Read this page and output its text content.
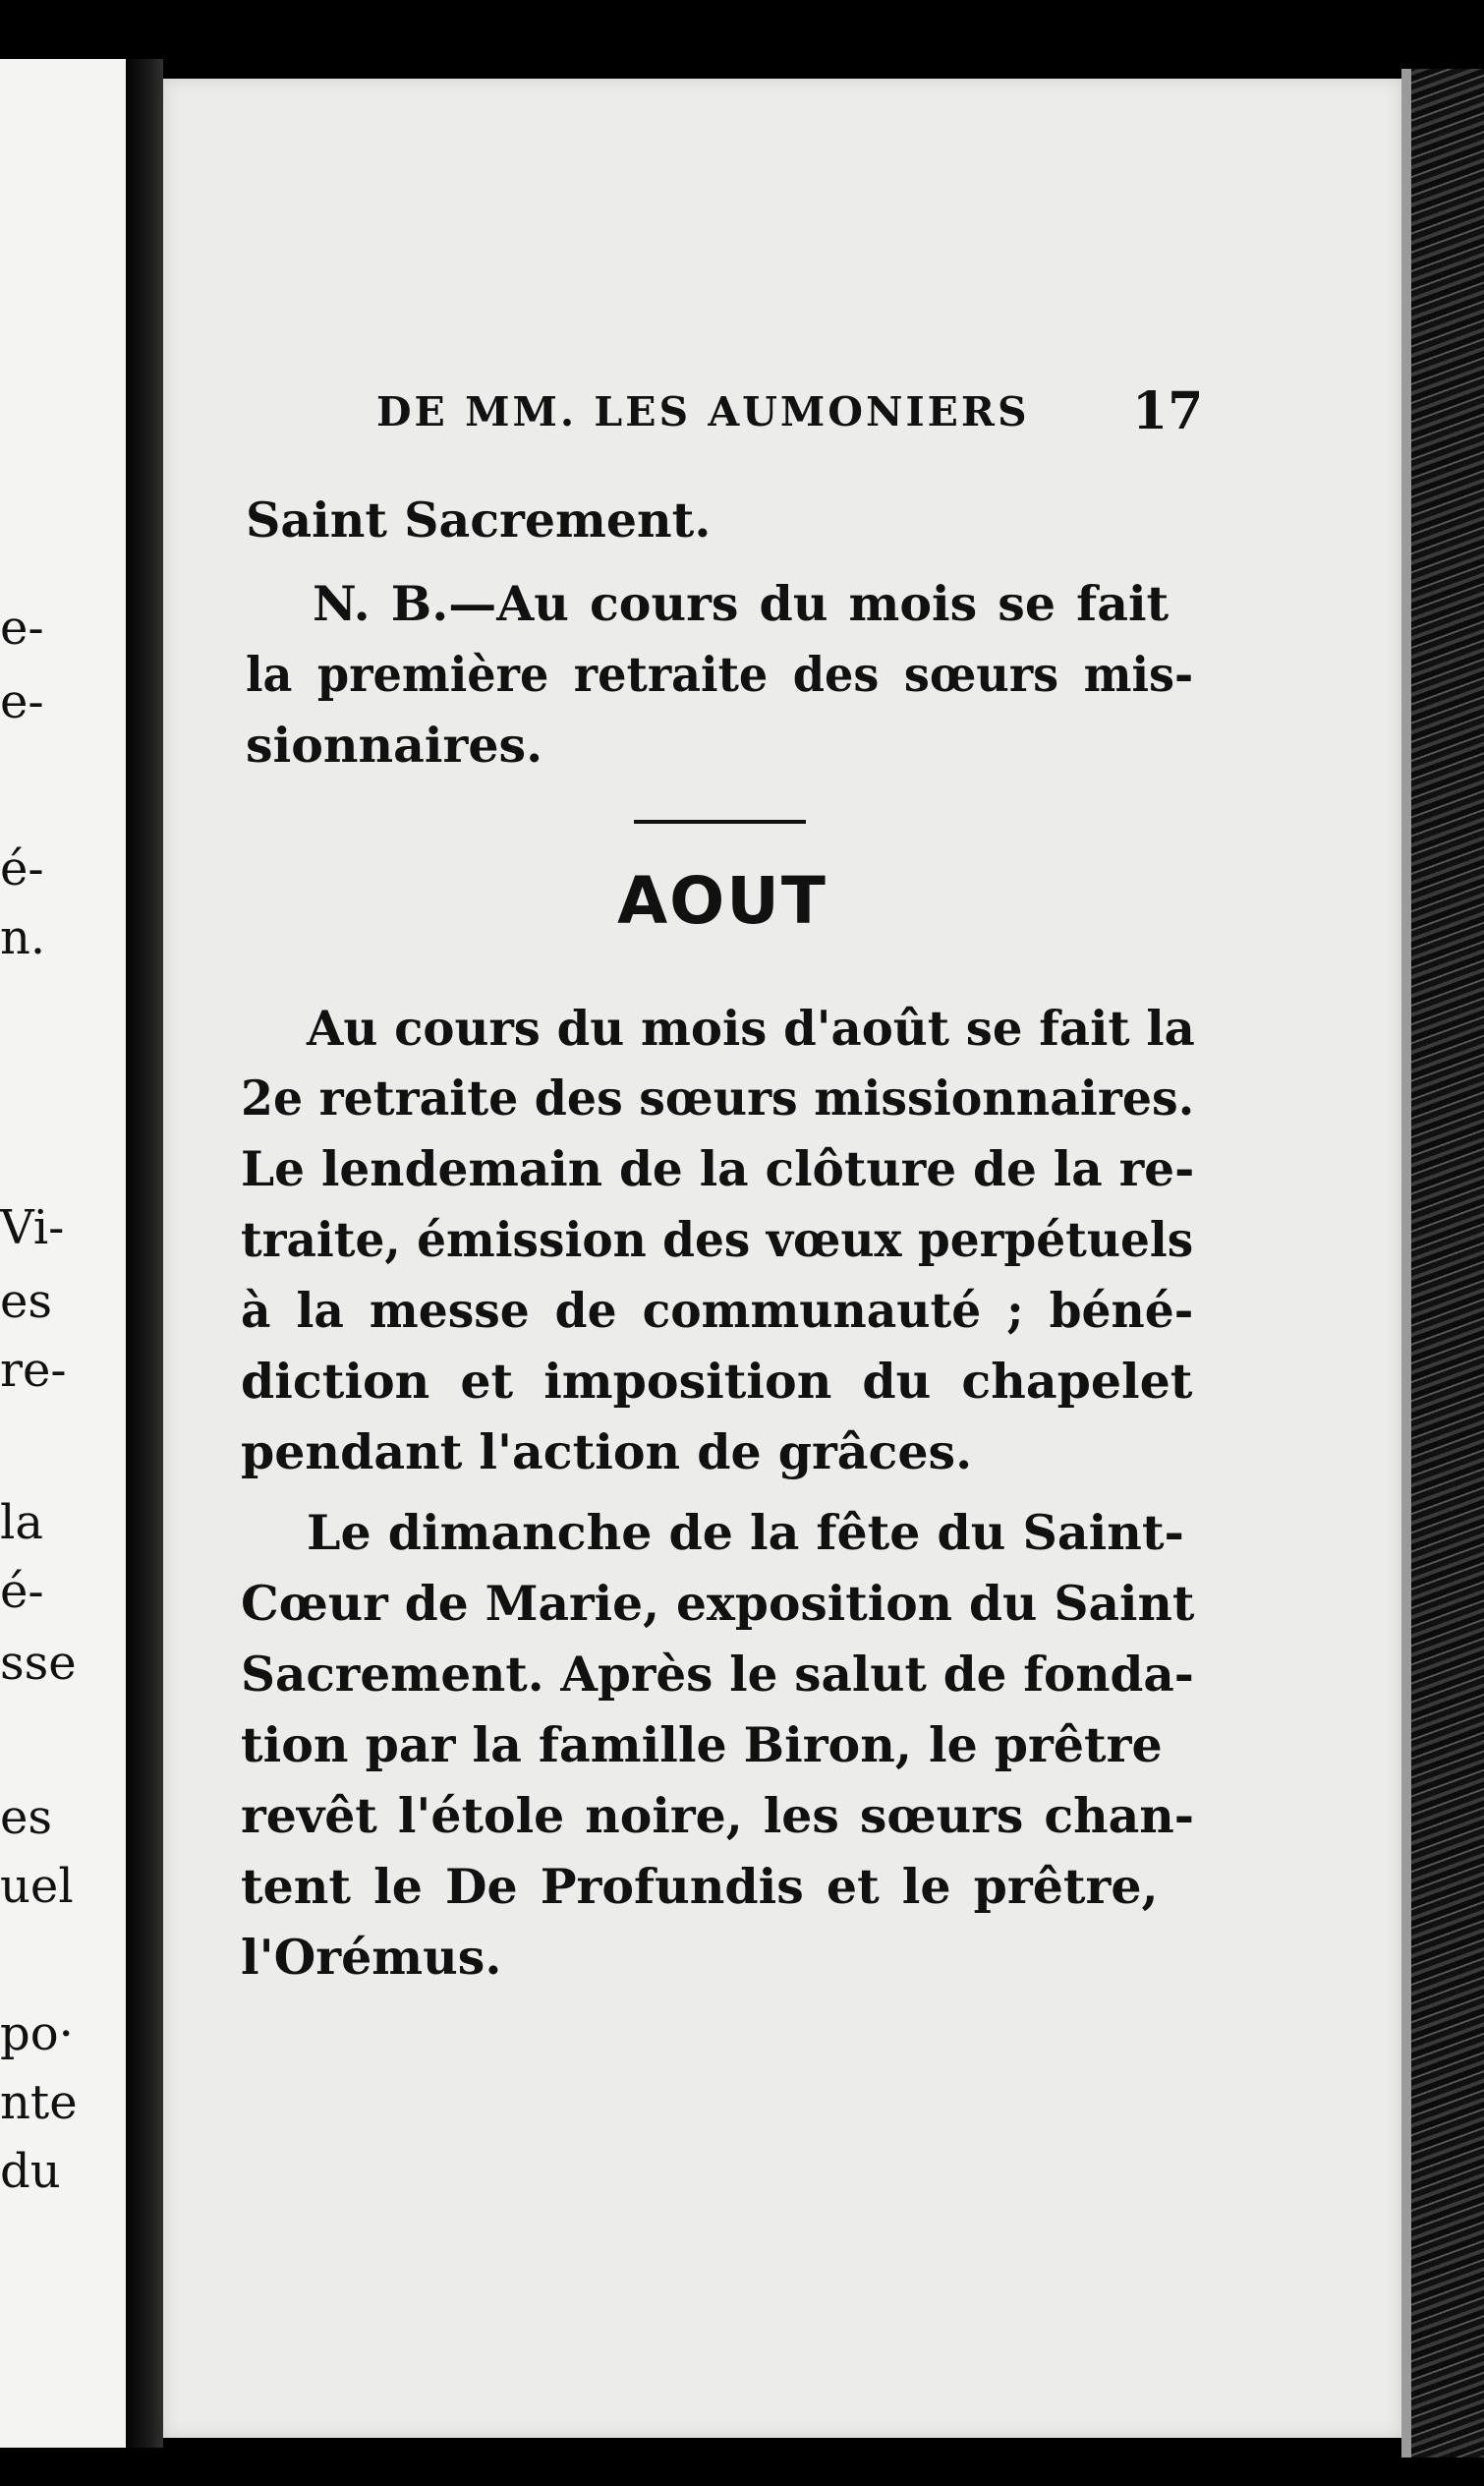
e-
e-
é-
n.
Vi-
es
re-
la
é-
sse
es
uel
po·
nte
du
DE MM. LES AUMONIERS 17
Saint Sacrement.
N. B.—Au cours du mois se fait
la première retraite des sœurs mis-
sionnaires.
AOUT
Au cours du mois d'août se fait la
2e retraite des sœurs missionnaires.
Le lendemain de la clôture de la re-
traite, émission des vœux perpétuels
à la messe de communauté ; béné-
diction et imposition du chapelet
pendant l'action de grâces.
Le dimanche de la fête du Saint-
Cœur de Marie, exposition du Saint
Sacrement. Après le salut de fonda-
tion par la famille Biron, le prêtre
revêt l'étole noire, les sœurs chan-
tent le De Profundis et le prêtre,
l'Orémus.
